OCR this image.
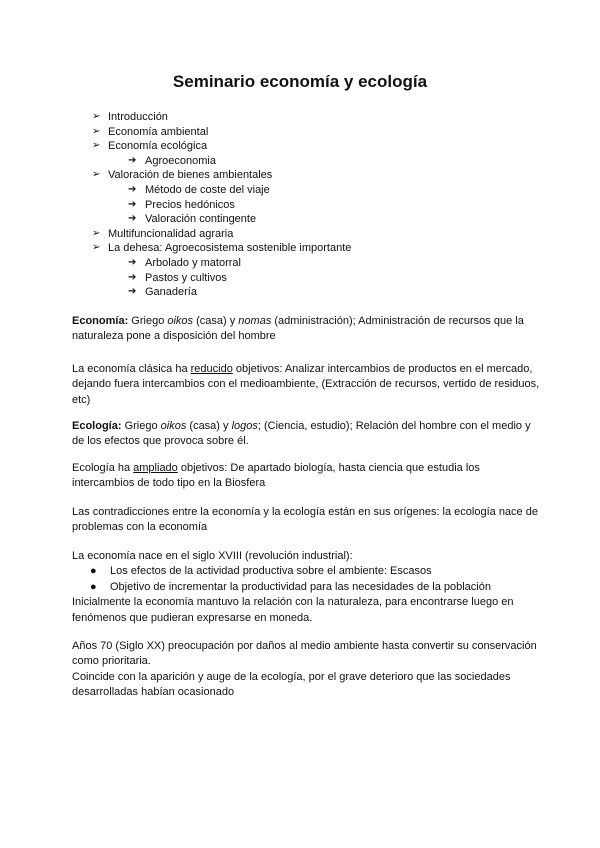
Seminario economía y ecología
➢ Introducción
➢ Economía ambiental
➢ Economía ecológica
➔ Agroeconomia
➢ Valoración de bienes ambientales
➔ Método de coste del viaje
➔ Precios hedónicos
➔ Valoración contingente
➢ Multifuncionalidad agraria
➢ La dehesa: Agroecosistema sostenible importante
➔ Arbolado y matorral
➔ Pastos y cultivos
➔ Ganadería

Economía: Griego oikos (casa) y nomas (administración); Administración de recursos que la naturaleza pone a disposición del hombre

La economía clásica ha reducido objetivos: Analizar intercambios de productos en el mercado, dejando fuera intercambios con el medioambiente, (Extracción de recursos, vertido de residuos, etc)

Ecología: Griego oikos (casa) y logos; (Ciencia, estudio); Relación del hombre con el medio y de los efectos que provoca sobre él.

Ecología ha ampliado objetivos: De apartado biología, hasta ciencia que estudia los intercambios de todo tipo en la Biosfera

Las contradicciones entre la economía y la ecología están en sus orígenes: la ecología nace de problemas con la economía

La economía nace en el siglo XVIII (revolución industrial):
● Los efectos de la actividad productiva sobre el ambiente: Escasos
● Objetivo de incrementar la productividad para las necesidades de la población
Inicialmente la economía mantuvo la relación con la naturaleza, para encontrarse luego en fenómenos que pudieran expresarse en moneda.
Años 70 (Siglo XX) preocupación por daños al medio ambiente hasta convertir su conservación como prioritaria.
Coincide con la aparición y auge de la ecología, por el grave deterioro que las sociedades desarrolladas habían ocasionado
